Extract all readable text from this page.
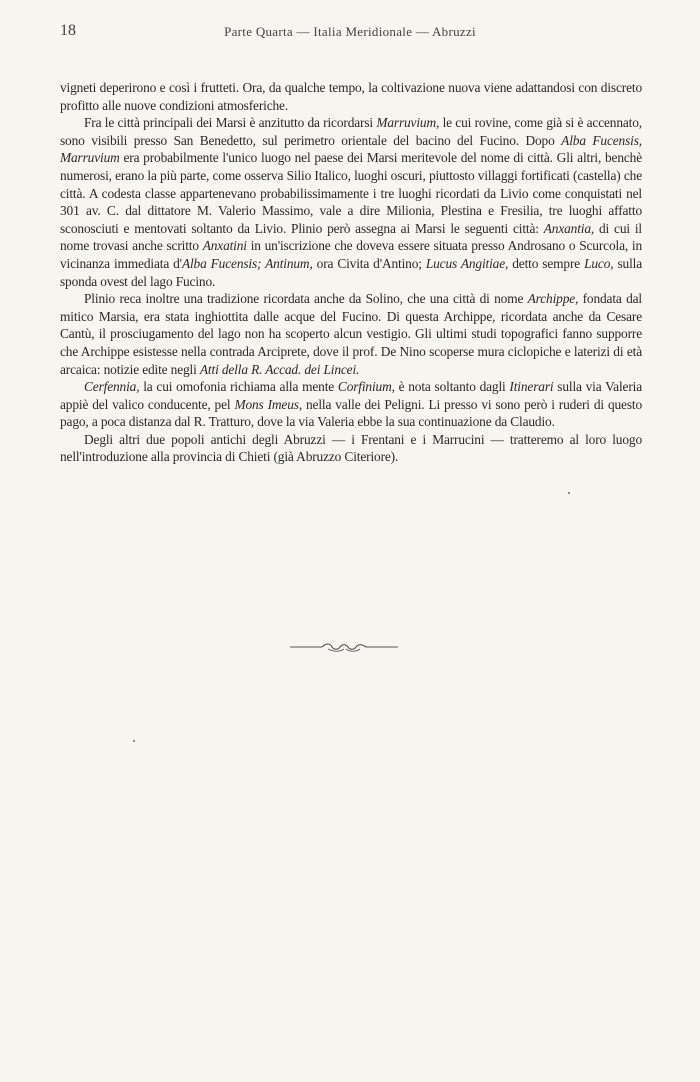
18	Parte Quarta — Italia Meridionale — Abruzzi

vigneti deperirono e così i frutteti. Ora, da qualche tempo, la coltivazione nuova viene adattandosi con discreto profitto alle nuove condizioni atmosferiche.

Fra le città principali dei Marsi è anzitutto da ricordarsi Marruvium, le cui rovine, come già si è accennato, sono visibili presso San Benedetto, sul perimetro orientale del bacino del Fucino. Dopo Alba Fucensis, Marruvium era probabilmente l'unico luogo nel paese dei Marsi meritevole del nome di città. Gli altri, benchè numerosi, erano la più parte, come osserva Silio Italico, luoghi oscuri, piuttosto villaggi fortificati (castella) che città. A codesta classe appartenevano probabilissimamente i tre luoghi ricordati da Livio come conquistati nel 301 av. C. dal dittatore M. Valerio Massimo, vale a dire Milionia, Plestina e Fresilia, tre luoghi affatto sconosciuti e mentovati soltanto da Livio. Plinio però assegna ai Marsi le seguenti città: Anxantia, di cui il nome trovasi anche scritto Anxatini in un'iscrizione che doveva essere situata presso Androsano o Scurcola, in vicinanza immediata d'Alba Fucensis; Antinum, ora Civita d'Antino; Lucus Angitiae, detto sempre Luco, sulla sponda ovest del lago Fucino.

Plinio reca inoltre una tradizione ricordata anche da Solino, che una città di nome Archippe, fondata dal mitico Marsia, era stata inghiottita dalle acque del Fucino. Di questa Archippe, ricordata anche da Cesare Cantù, il prosciugamento del lago non ha scoperto alcun vestigio. Gli ultimi studi topografici fanno supporre che Archippe esistesse nella contrada Arciprete, dove il prof. De Nino scoperse mura ciclopiche e laterizi di età arcaica: notizie edite negli Atti della R. Accad. dei Lincei.

Cerfennia, la cui omofonia richiama alla mente Corfinium, è nota soltanto dagli Itinerari sulla via Valeria appiè del valico conducente, pel Mons Imeus, nella valle dei Peligni. Li presso vi sono però i ruderi di questo pago, a poca distanza dal R. Tratturo, dove la via Valeria ebbe la sua continuazione da Claudio.

Degli altri due popoli antichi degli Abruzzi — i Frentani e i Marrucini — tratteremo al loro luogo nell'introduzione alla provincia di Chieti (già Abruzzo Citeriore).
